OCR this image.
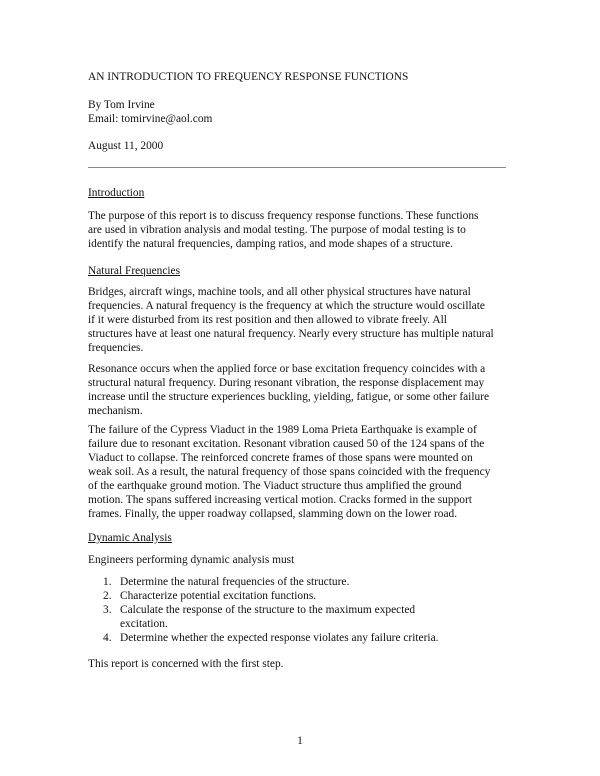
AN INTRODUCTION TO FREQUENCY RESPONSE FUNCTIONS
By Tom Irvine
Email: tomirvine@aol.com
August 11, 2000
Introduction
The purpose of this report is to discuss frequency response functions. These functions
are used in vibration analysis and modal testing. The purpose of modal testing is to
identify the natural frequencies, damping ratios, and mode shapes of a structure.
Natural Frequencies
Bridges, aircraft wings, machine tools, and all other physical structures have natural
frequencies. A natural frequency is the frequency at which the structure would oscillate
if it were disturbed from its rest position and then allowed to vibrate freely. All
structures have at least one natural frequency. Nearly every structure has multiple natural
frequencies.
Resonance occurs when the applied force or base excitation frequency coincides with a
structural natural frequency. During resonant vibration, the response displacement may
increase until the structure experiences buckling, yielding, fatigue, or some other failure
mechanism.
The failure of the Cypress Viaduct in the 1989 Loma Prieta Earthquake is example of
failure due to resonant excitation. Resonant vibration caused 50 of the 124 spans of the
Viaduct to collapse. The reinforced concrete frames of those spans were mounted on
weak soil. As a result, the natural frequency of those spans coincided with the frequency
of the earthquake ground motion. The Viaduct structure thus amplified the ground
motion. The spans suffered increasing vertical motion. Cracks formed in the support
frames. Finally, the upper roadway collapsed, slamming down on the lower road.
Dynamic Analysis
Engineers performing dynamic analysis must
1. Determine the natural frequencies of the structure.
2. Characterize potential excitation functions.
3. Calculate the response of the structure to the maximum expected
excitation.
4. Determine whether the expected response violates any failure criteria.
This report is concerned with the first step.
1
